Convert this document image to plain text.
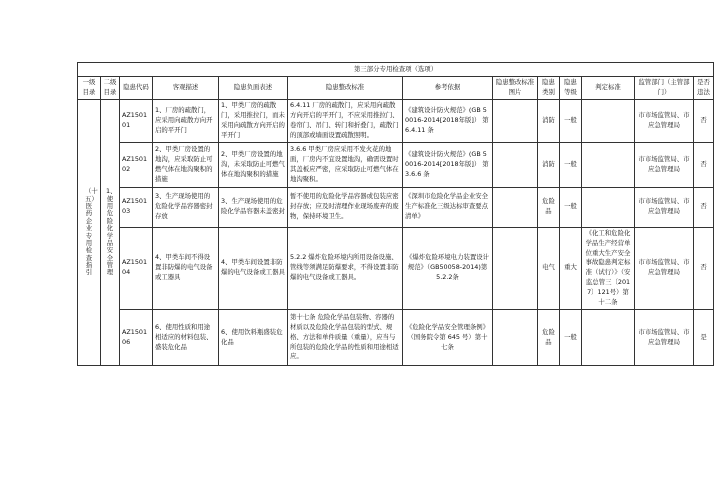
第三部分专用检查项（选项）												
一级目录	二级目录	隐患代码	客观描述	隐患负面表述	隐患整改标准	参考依据	隐患整改标准图片	隐患类别	隐患等级	判定标准	监管部门（主管部门）	是否违法

（十五）医药企业专用检查指引	1、使用危险化学品安全管理	AZ150101	1、厂房的疏散门，应采用向疏散方向开启的平开门	1、甲类厂房的疏散门，采用推拉门，而未采用向疏散方向开启的平开门	6.4.11 厂房的疏散门，应采用向疏散方向开启的平开门，不应采用推拉门、卷帘门、吊门、转门和折叠门，疏散门的顶部或墙面设置疏散照明。	《建筑设计防火规范》(GB 50016-2014[2018年版]） 第 6.4.11 条		消防	一般		市市场监管局、市应急管理局	否
		AZ150102	2、甲类厂房设置的地沟，应采取防止可燃气体在地沟聚积的措施	2、甲类厂房设置的地沟，未采取防止可燃气体在地沟聚积的措施	3.6.6 甲类厂房应采用不发火花的地面，厂房内不宜设置地沟，确需设置时其盖板应严密，应采取防止可燃气体在地沟聚积。	《建筑设计防火规范》(GB 50016-2014[2018年版]） 第 3.6.6 条		消防	一般		市市场监管局、市应急管理局	否
		AZ150103	3、生产现场使用的危险化学品容器密封存放	3、生产现场使用的危险化学品容器未盖密封	暂不使用的危险化学品容器或包装应密封存放；应及时清理作业现场废弃的废物，保持环境卫生。	《深圳市危险化学品企业安全生产标准化三级达标审查要点清单》		危险品	一般		市市场监管局、市应急管理局	否
		AZ150104	4、甲类车间不得设置非防爆的电气设备或工器具	4、甲类车间设置非防爆的电气设备或工器具	5.2.2 爆炸危险环境内所用设备设施、管线等须满足防爆要求，不得设置非防爆的电气设备或工器具。	《爆炸危险环境电力装置设计规范》（GB50058-2014)第5.2.2条		电气	重大	《化工和危险化学品生产经营单位重大生产安全事故隐患判定标准（试行）》（安监总管三〔2017〕121号）第十二条	市市场监管局、市应急管理局	否
		AZ150106	6、使用性质和用途相适应的材料包装、盛装危化品	6、使用饮料瓶盛装危化品	第十七条 危险化学品包装物、容器的材质以及危险化学品包装的型式、规格、方法和单件质量（重量），应当与所包装的危险化学品的性质和用途相适应。	《危险化学品安全管理条例》（国务院令第 645 号）第十七条		危险品	一般		市市场监管局、市应急管理局	是
